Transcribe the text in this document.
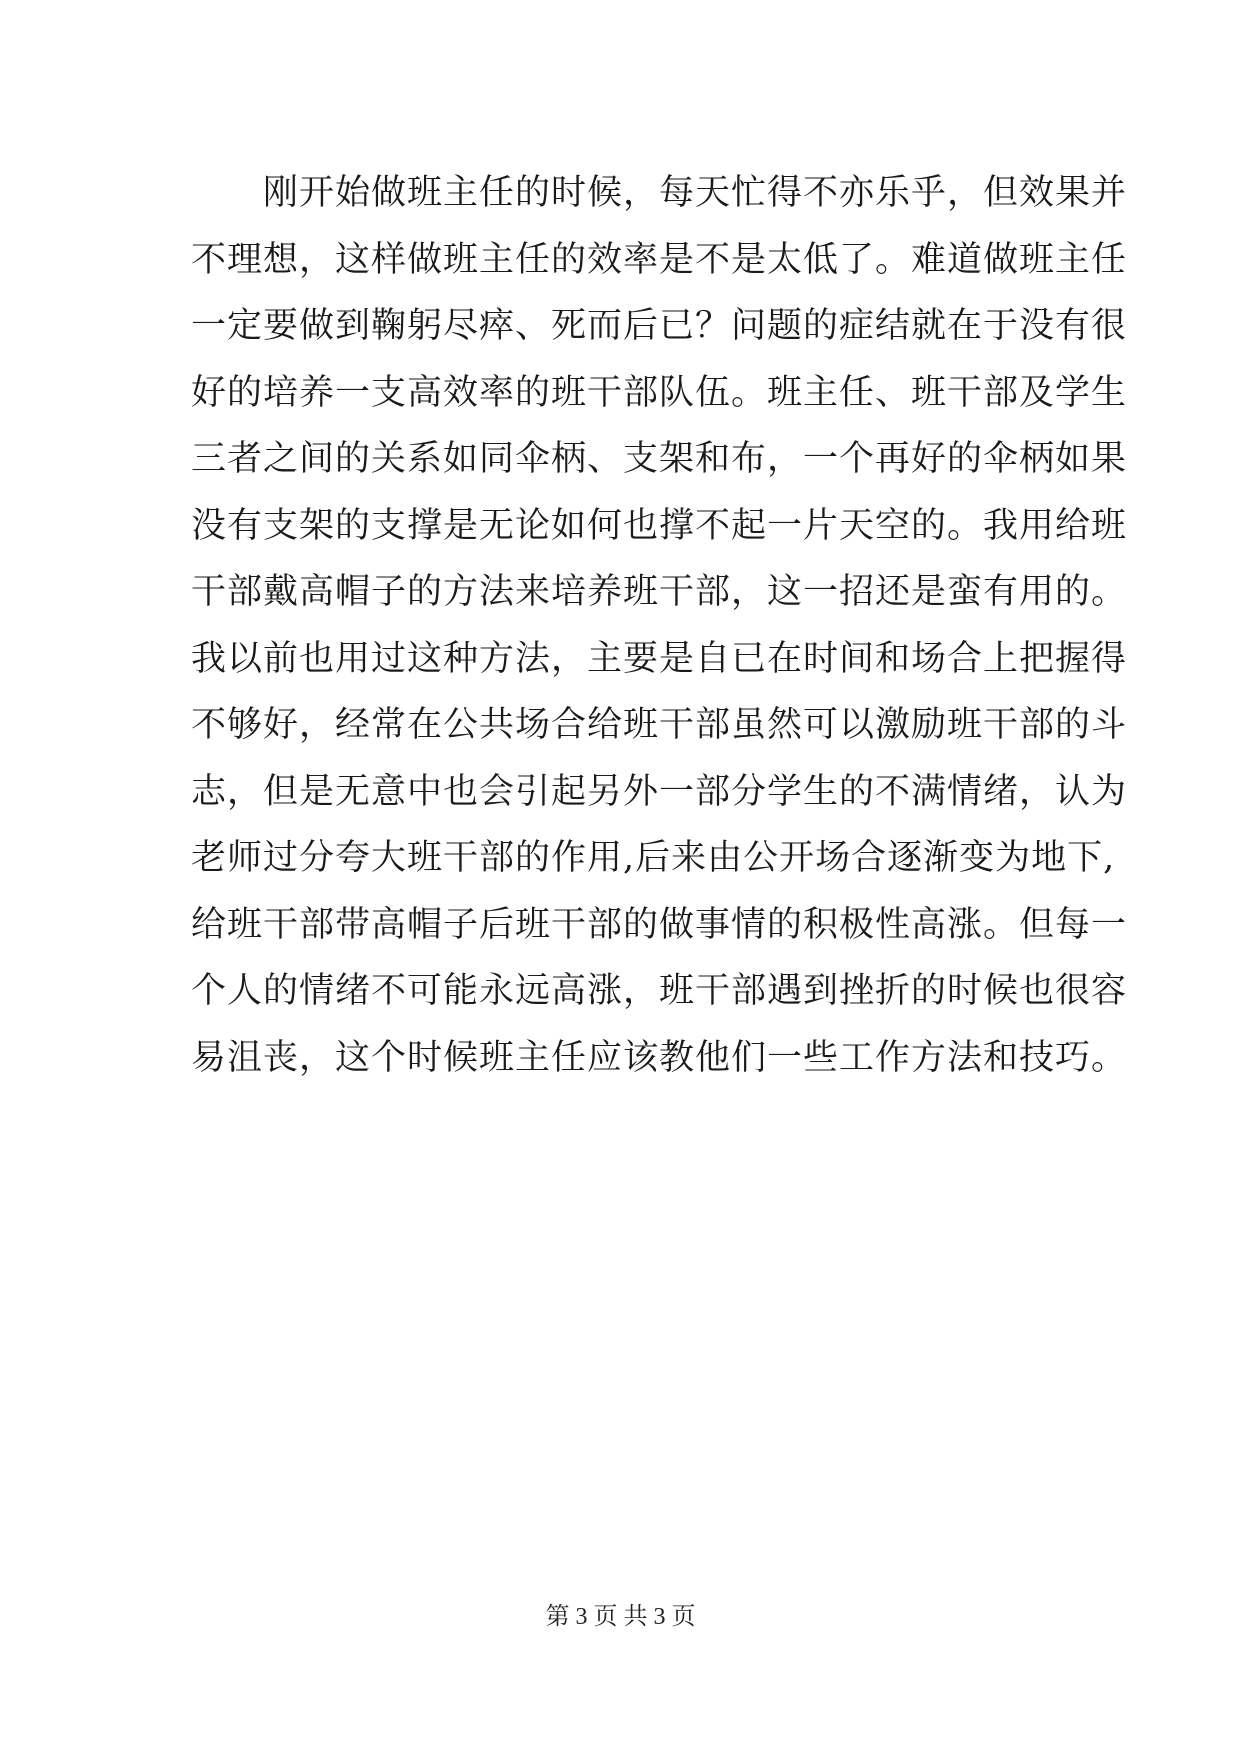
　　刚开始做班主任的时候，每天忙得不亦乐乎，但效果并
不理想，这样做班主任的效率是不是太低了。难道做班主任
一定要做到鞠躬尽瘁、死而后已？问题的症结就在于没有很
好的培养一支高效率的班干部队伍。班主任、班干部及学生
三者之间的关系如同伞柄、支架和布，一个再好的伞柄如果
没有支架的支撑是无论如何也撑不起一片天空的。我用给班
干部戴高帽子的方法来培养班干部，这一招还是蛮有用的。
我以前也用过这种方法，主要是自已在时间和场合上把握得
不够好，经常在公共场合给班干部虽然可以激励班干部的斗
志，但是无意中也会引起另外一部分学生的不满情绪，认为
老师过分夸大班干部的作用,后来由公开场合逐渐变为地下,
给班干部带高帽子后班干部的做事情的积极性高涨。但每一
个人的情绪不可能永远高涨，班干部遇到挫折的时候也很容
易沮丧，这个时候班主任应该教他们一些工作方法和技巧。
第 3 页 共 3 页
